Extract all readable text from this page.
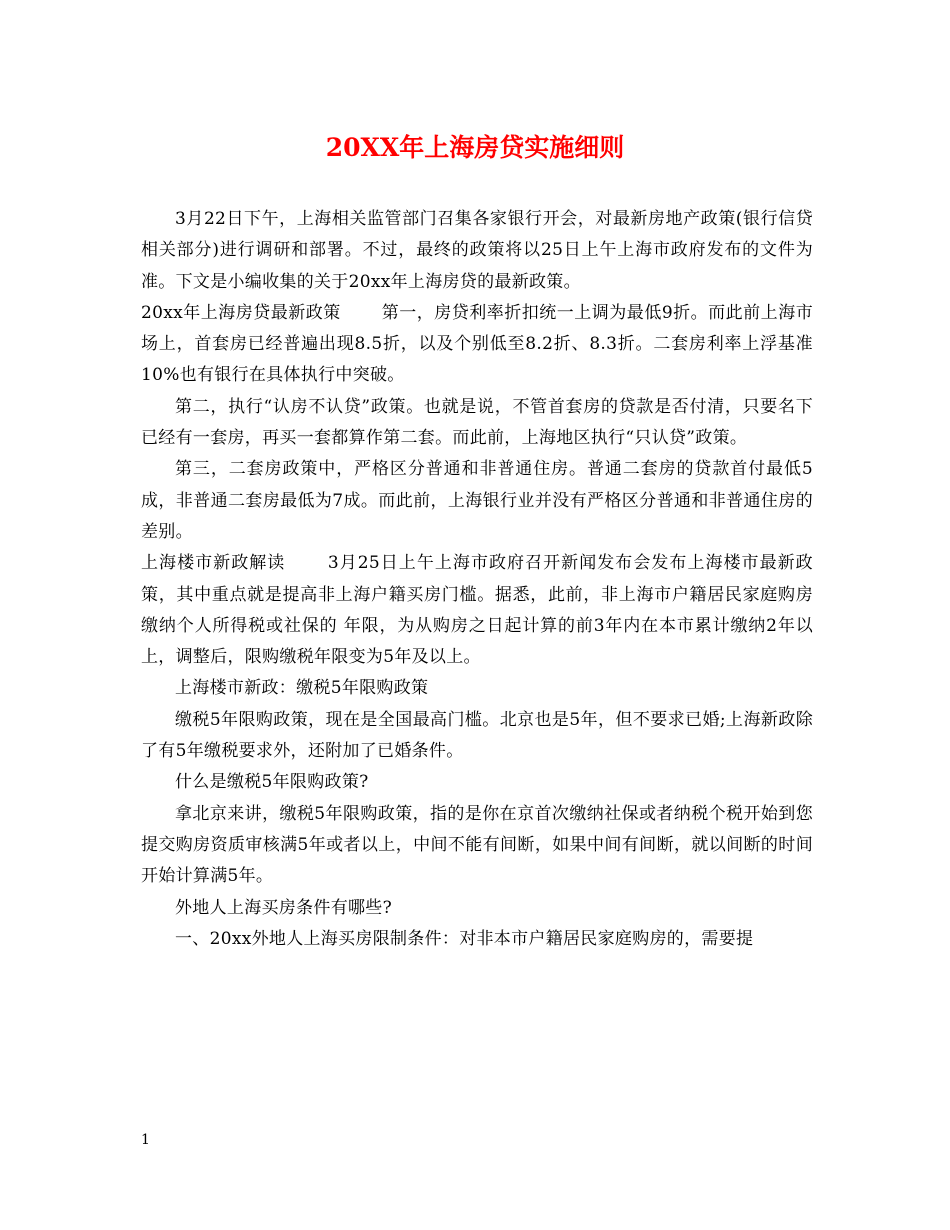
20XX年上海房贷实施细则

3月22日下午，上海相关监管部门召集各家银行开会，对最新房地产政策(银行信贷相关部分)进行调研和部署。不过，最终的政策将以25日上午上海市政府发布的文件为准。下文是小编收集的关于20xx年上海房贷的最新政策。

20xx年上海房贷最新政策　　 第一，房贷利率折扣统一上调为最低9折。而此前上海市场上，首套房已经普遍出现8.5折，以及个别低至8.2折、8.3折。二套房利率上浮基准10%也有银行在具体执行中突破。

第二，执行“认房不认贷”政策。也就是说，不管首套房的贷款是否付清，只要名下已经有一套房，再买一套都算作第二套。而此前，上海地区执行“只认贷”政策。

第三，二套房政策中，严格区分普通和非普通住房。普通二套房的贷款首付最低5成，非普通二套房最低为7成。而此前，上海银行业并没有严格区分普通和非普通住房的差别。

上海楼市新政解读　　 3月25日上午上海市政府召开新闻发布会发布上海楼市最新政策，其中重点就是提高非上海户籍买房门槛。据悉，此前，非上海市户籍居民家庭购房缴纳个人所得税或社保的 年限，为从购房之日起计算的前3年内在本市累计缴纳2年以上，调整后，限购缴税年限变为5年及以上。

上海楼市新政：缴税5年限购政策

缴税5年限购政策，现在是全国最高门槛。北京也是5年，但不要求已婚;上海新政除了有5年缴税要求外，还附加了已婚条件。

什么是缴税5年限购政策?

拿北京来讲，缴税5年限购政策，指的是你在京首次缴纳社保或者纳税个税开始到您提交购房资质审核满5年或者以上，中间不能有间断，如果中间有间断，就以间断的时间开始计算满5年。

外地人上海买房条件有哪些?

一、20xx外地人上海买房限制条件：对非本市户籍居民家庭购房的，需要提

1
